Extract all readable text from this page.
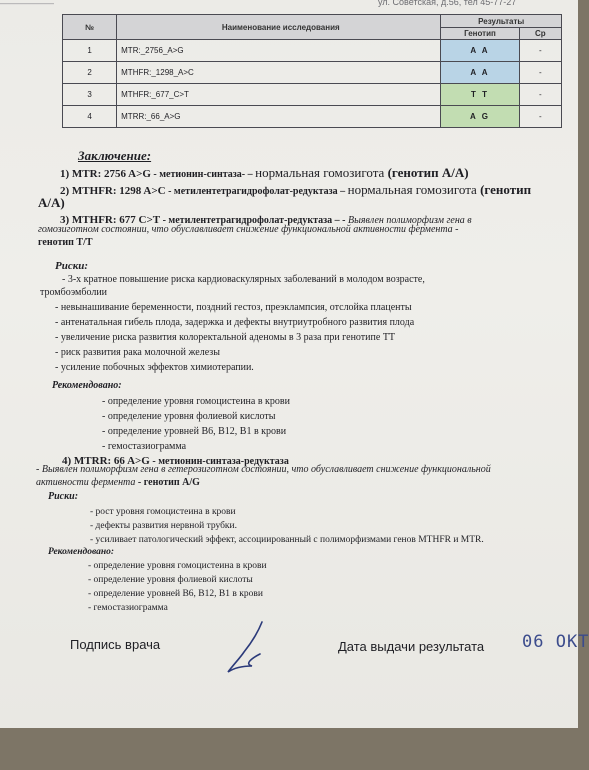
——————	ул. Советская, д.56, тел 45-77-27
№	Наименование исследования	Результаты	
		Генотип	Ср
1	MTR:_2756_A>G	A A	-
2	MTHFR:_1298_A>C	A A	-
3	MTHFR:_677_C>T	T T	-
4	MTRR:_66_A>G	A G	-
Заключение:
1) MTR: 2756 A>G - метионин-синтаза- – нормальная гомозигота (генотип А/А)
2) MTHFR: 1298 A>C - метилентетрагидрофолат-редуктаза – нормальная гомозигота (генотип
A/A)
3) MTHFR: 677 C>T - метилентетрагидрофолат-редуктаза – - Выявлен полиморфизм гена в
гомозиготном состоянии, что обуславливает снижение функциональной активности фермента -
генотип Т/Т
Риски:
- 3-х кратное повышение риска кардиоваскулярных заболеваний в молодом возрасте,
тромбоэмболии
- невынашивание беременности, поздний гестоз, преэклампсия, отслойка плаценты
- антенатальная гибель плода, задержка и дефекты внутриутробного развития плода
- увеличение риска развития колоректальной аденомы в 3 раза при генотипе ТТ
- риск развития рака молочной железы
- усиление побочных эффектов химиотерапии.
Рекомендовано:
- определение уровня гомоцистеина в крови
- определение уровня фолиевой кислоты
- определение уровней В6, В12, В1 в крови
- гемостазиограмма
4) MTRR: 66 A>G - метионин-синтаза-редуктаза
- Выявлен полиморфизм гена в гетерозиготном состоянии, что обуславливает снижение функциональной
активности фермента - генотип A/G
Риски:
- рост уровня гомоцистеина в крови
- дефекты развития нервной трубки.
- усиливает патологический эффект, ассоциированный с полиморфизмами генов MTHFR и MTR.
Рекомендовано:
- определение уровня гомоцистеина в крови
- определение уровня фолиевой кислоты
- определение уровней В6, В12, В1 в крови
- гемостазиограмма
Подпись врача	Дата выдачи результата 06 ОКТ
